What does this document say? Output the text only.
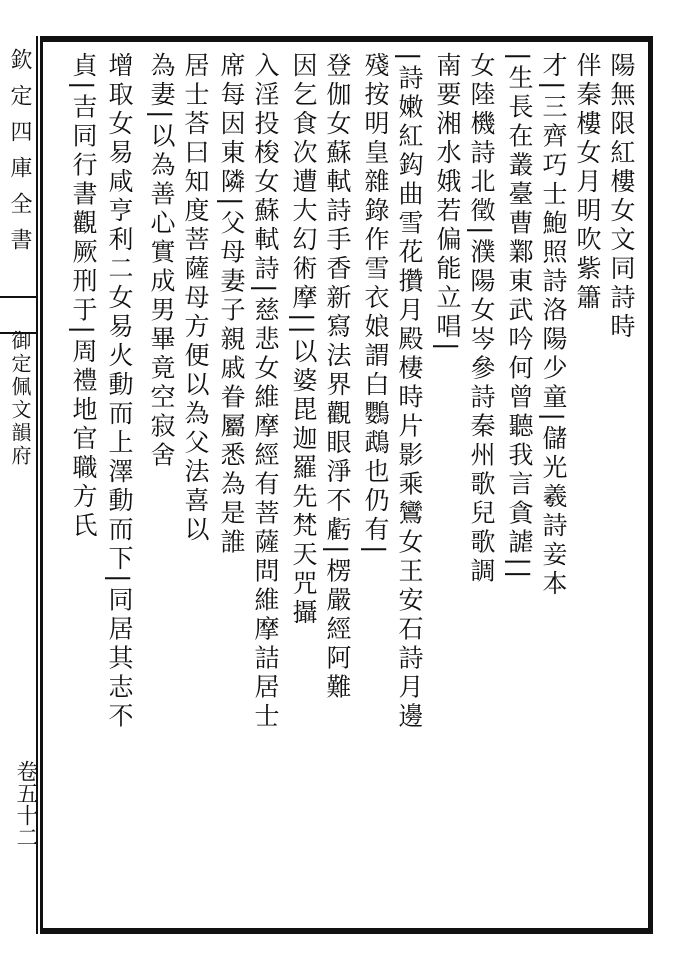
欽定四庫全書
御定佩文韻府
卷五十二
陽無限紅樓女文同詩時
伴秦樓女月明吹紫簫
才|三齊巧士鮑照詩洛陽少童|儲光羲詩妾本
|生長在叢臺曹鄴東武吟何曾聽我言貪謔||
女陸機詩北徵|濮陽女岑參詩秦州歌兒歌調
南要湘水娥若偏能立唱|
|詩嫩紅鈎曲雪花攢月殿棲時片影乘鸞女王安石詩月邊
殘按明皇雜錄作雪衣娘謂白鸚鵡也仍有|
登伽女蘇軾詩手香新寫法界觀眼淨不虧|楞嚴經阿難
因乞食次遭大幻術摩||以婆毘迦羅先梵天咒攝
入淫投梭女蘇軾詩|慈悲女維摩經有菩薩問維摩詰居士
席每因東隣|父母妻子親戚眷屬悉為是誰
居士荅曰知度菩薩母方便以為父法喜以
為妻|以為善心實成男畢竟空寂舍
增取女易咸亨利二女易火動而上澤動而下|同居其志不
貞|吉同行書觀厥刑于|周禮地官職方氏
